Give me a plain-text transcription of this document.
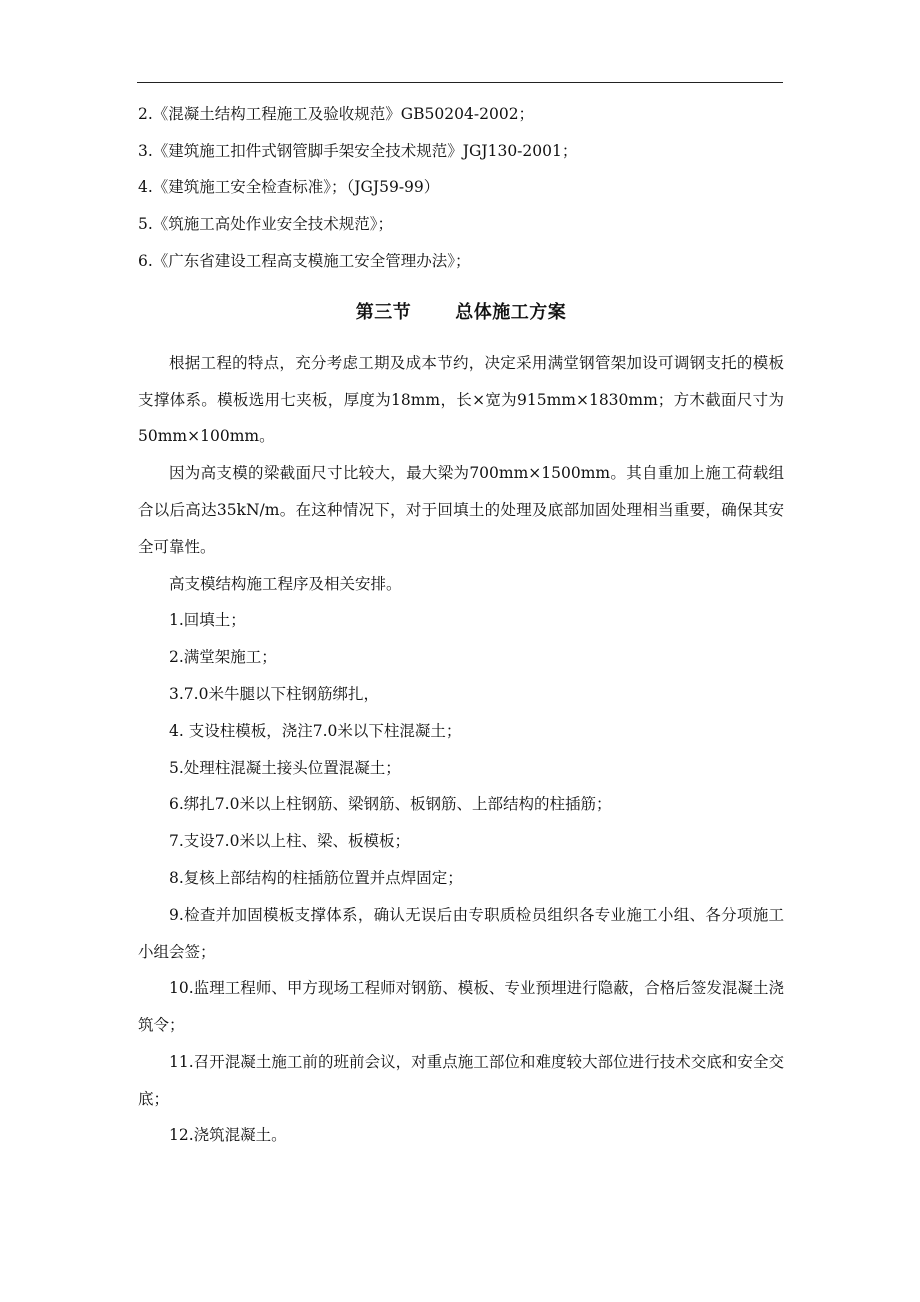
2.《混凝土结构工程施工及验收规范》GB50204-2002；

3.《建筑施工扣件式钢管脚手架安全技术规范》JGJ130-2001；

4.《建筑施工安全检查标准》；（JGJ59-99）

5.《筑施工高处作业安全技术规范》；

6.《广东省建设工程高支模施工安全管理办法》；

第三节 总体施工方案

根据工程的特点，充分考虑工期及成本节约，决定采用满堂钢管架加设可调钢支托的模板支撑体系。模板选用七夹板，厚度为18mm，长×宽为915mm×1830mm；方木截面尺寸为50mm×100mm。

因为高支模的梁截面尺寸比较大，最大梁为700mm×1500mm。其自重加上施工荷载组合以后高达35kN/m。在这种情况下，对于回填土的处理及底部加固处理相当重要，确保其安全可靠性。

高支模结构施工程序及相关安排。

1.回填土；

2.满堂架施工；

3.7.0米牛腿以下柱钢筋绑扎，

4. 支设柱模板，浇注7.0米以下柱混凝土；

5.处理柱混凝土接头位置混凝土；

6.绑扎7.0米以上柱钢筋、梁钢筋、板钢筋、上部结构的柱插筋；

7.支设7.0米以上柱、梁、板模板；

8.复核上部结构的柱插筋位置并点焊固定；

9.检查并加固模板支撑体系，确认无误后由专职质检员组织各专业施工小组、各分项施工小组会签；

10.监理工程师、甲方现场工程师对钢筋、模板、专业预埋进行隐蔽，合格后签发混凝土浇筑令；

11.召开混凝土施工前的班前会议，对重点施工部位和难度较大部位进行技术交底和安全交底；

12.浇筑混凝土。
